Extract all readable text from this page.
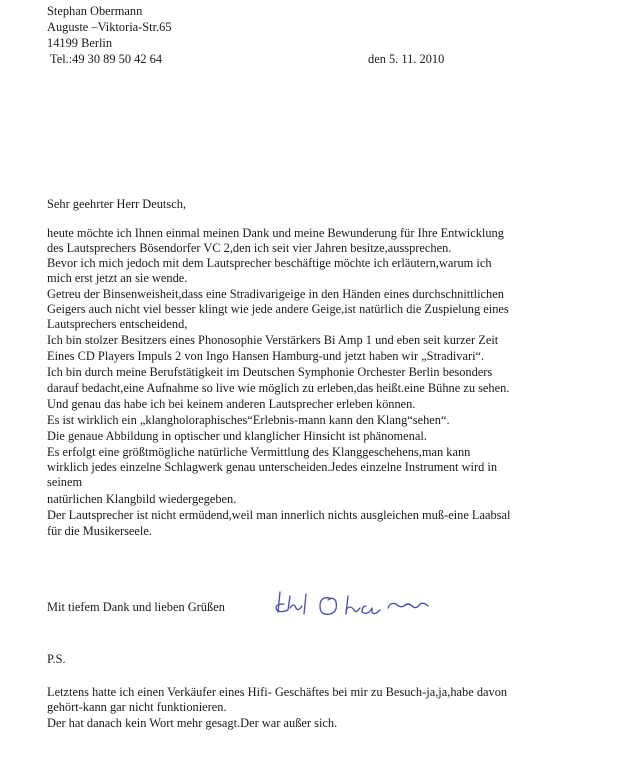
Stephan Obermann
Auguste –Viktoria-Str.65
14199 Berlin
Tel.:49 30 89 50 42 64	den 5. 11. 2010
Sehr geehrter Herr Deutsch,
heute möchte ich Ihnen einmal meinen Dank und meine Bewunderung für Ihre Entwicklung
des Lautsprechers Bösendorfer VC 2,den ich seit vier Jahren besitze,aussprechen.
Bevor ich mich jedoch mit dem Lautsprecher beschäftige möchte ich erläutern,warum ich
mich erst jetzt an sie wende.
Getreu der Binsenweisheit,dass eine Stradivarigeige in den Händen eines durchschnittlichen
Geigers auch nicht viel besser klingt wie jede andere Geige,ist natürlich die Zuspielung eines
Lautsprechers entscheidend,
Ich bin stolzer Besitzers eines Phonosophie Verstärkers Bi Amp 1 und eben seit kurzer Zeit
Eines CD Players Impuls 2 von Ingo Hansen Hamburg-und jetzt haben wir „Stradivari“.
Ich bin durch meine Berufstätigkeit im Deutschen Symphonie Orchester Berlin besonders
darauf bedacht,eine Aufnahme so live wie möglich zu erleben,das heißt.eine Bühne zu sehen.
Und genau das habe ich bei keinem anderen Lautsprecher erleben können.
Es ist wirklich ein „klangholoraphisches“Erlebnis-mann kann den Klang“sehen“.
Die genaue Abbildung in optischer und klanglicher Hinsicht ist phänomenal.
Es erfolgt eine größtmögliche natürliche Vermittlung des Klanggeschehens,man kann
wirklich jedes einzelne Schlagwerk genau unterscheiden.Jedes einzelne Instrument wird in
seinem
natürlichen Klangbild wiedergegeben.
Der Lautsprecher ist nicht ermüdend,weil man innerlich nichts ausgleichen muß-eine Laabsal
für die Musikerseele.
Mit tiefem Dank und lieben Grüßen
P.S.
Letztens hatte ich einen Verkäufer eines Hifi- Geschäftes bei mir zu Besuch-ja,ja,habe davon
gehört-kann gar nicht funktionieren.
Der hat danach kein Wort mehr gesagt.Der war außer sich.
